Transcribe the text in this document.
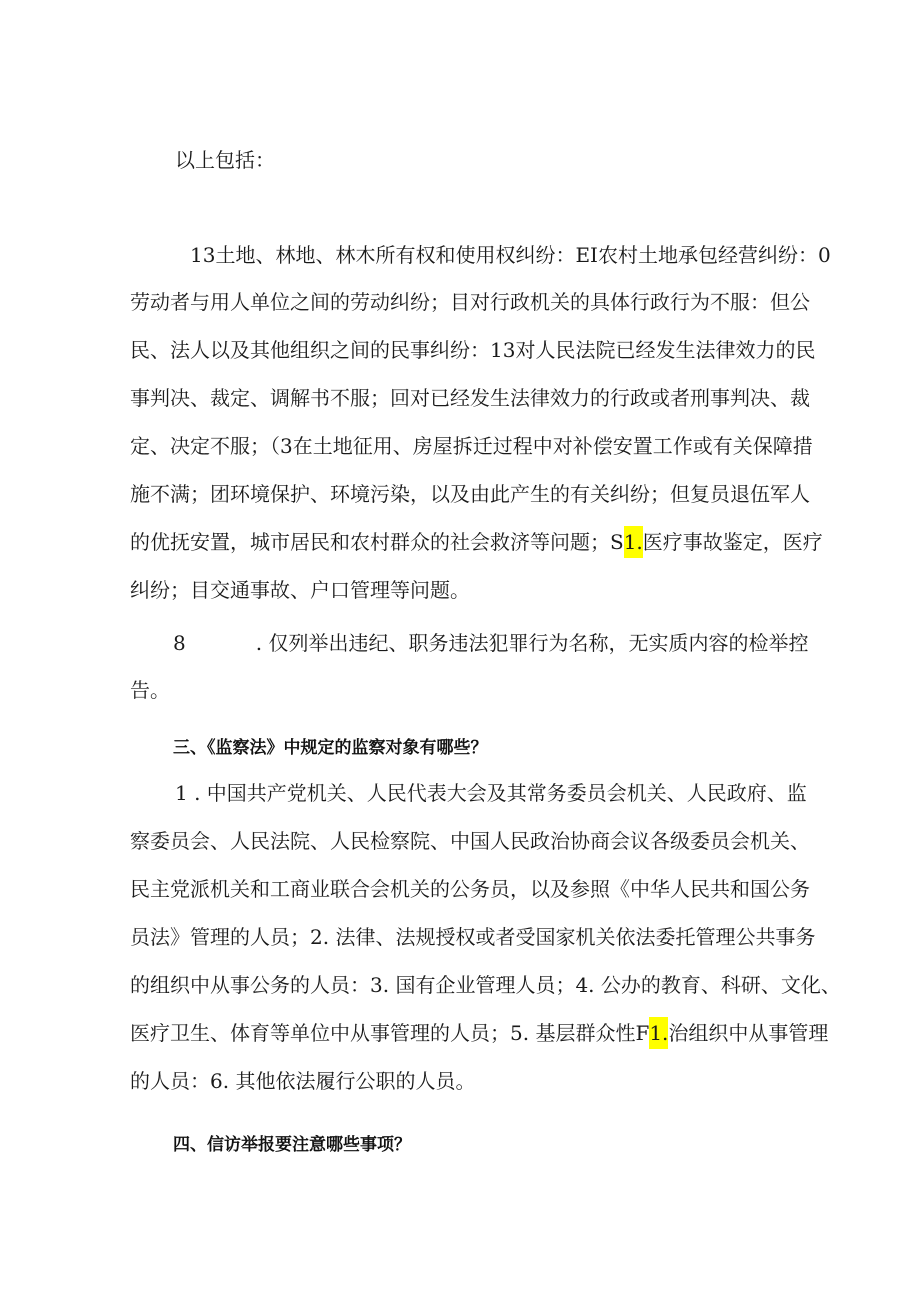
以上包括：
13土地、林地、林木所有权和使用权纠纷：EI农村土地承包经营纠纷：0
劳动者与用人单位之间的劳动纠纷；目对行政机关的具体行政行为不服：但公
民、法人以及其他组织之间的民事纠纷：13对人民法院已经发生法律效力的民
事判决、裁定、调解书不服；回对已经发生法律效力的行政或者刑事判决、裁
定、决定不服；（3在土地征用、房屋拆迁过程中对补偿安置工作或有关保障措
施不满；团环境保护、环境污染，以及由此产生的有关纠纷；但复员退伍军人
的优抚安置，城市居民和农村群众的社会救济等问题；S1.医疗事故鉴定，医疗
纠纷；目交通事故、户口管理等问题。
8	. 仅列举出违纪、职务违法犯罪行为名称，无实质内容的检举控
告。
三、《监察法》中规定的监察对象有哪些？
1 . 中国共产党机关、人民代表大会及其常务委员会机关、人民政府、监
察委员会、人民法院、人民检察院、中国人民政治协商会议各级委员会机关、
民主党派机关和工商业联合会机关的公务员，以及参照《中华人民共和国公务
员法》管理的人员；2. 法律、法规授权或者受国家机关依法委托管理公共事务
的组织中从事公务的人员：3. 国有企业管理人员；4. 公办的教育、科研、文化、
医疗卫生、体育等单位中从事管理的人员；5. 基层群众性F1.治组织中从事管理
的人员：6. 其他依法履行公职的人员。
四、信访举报要注意哪些事项？
